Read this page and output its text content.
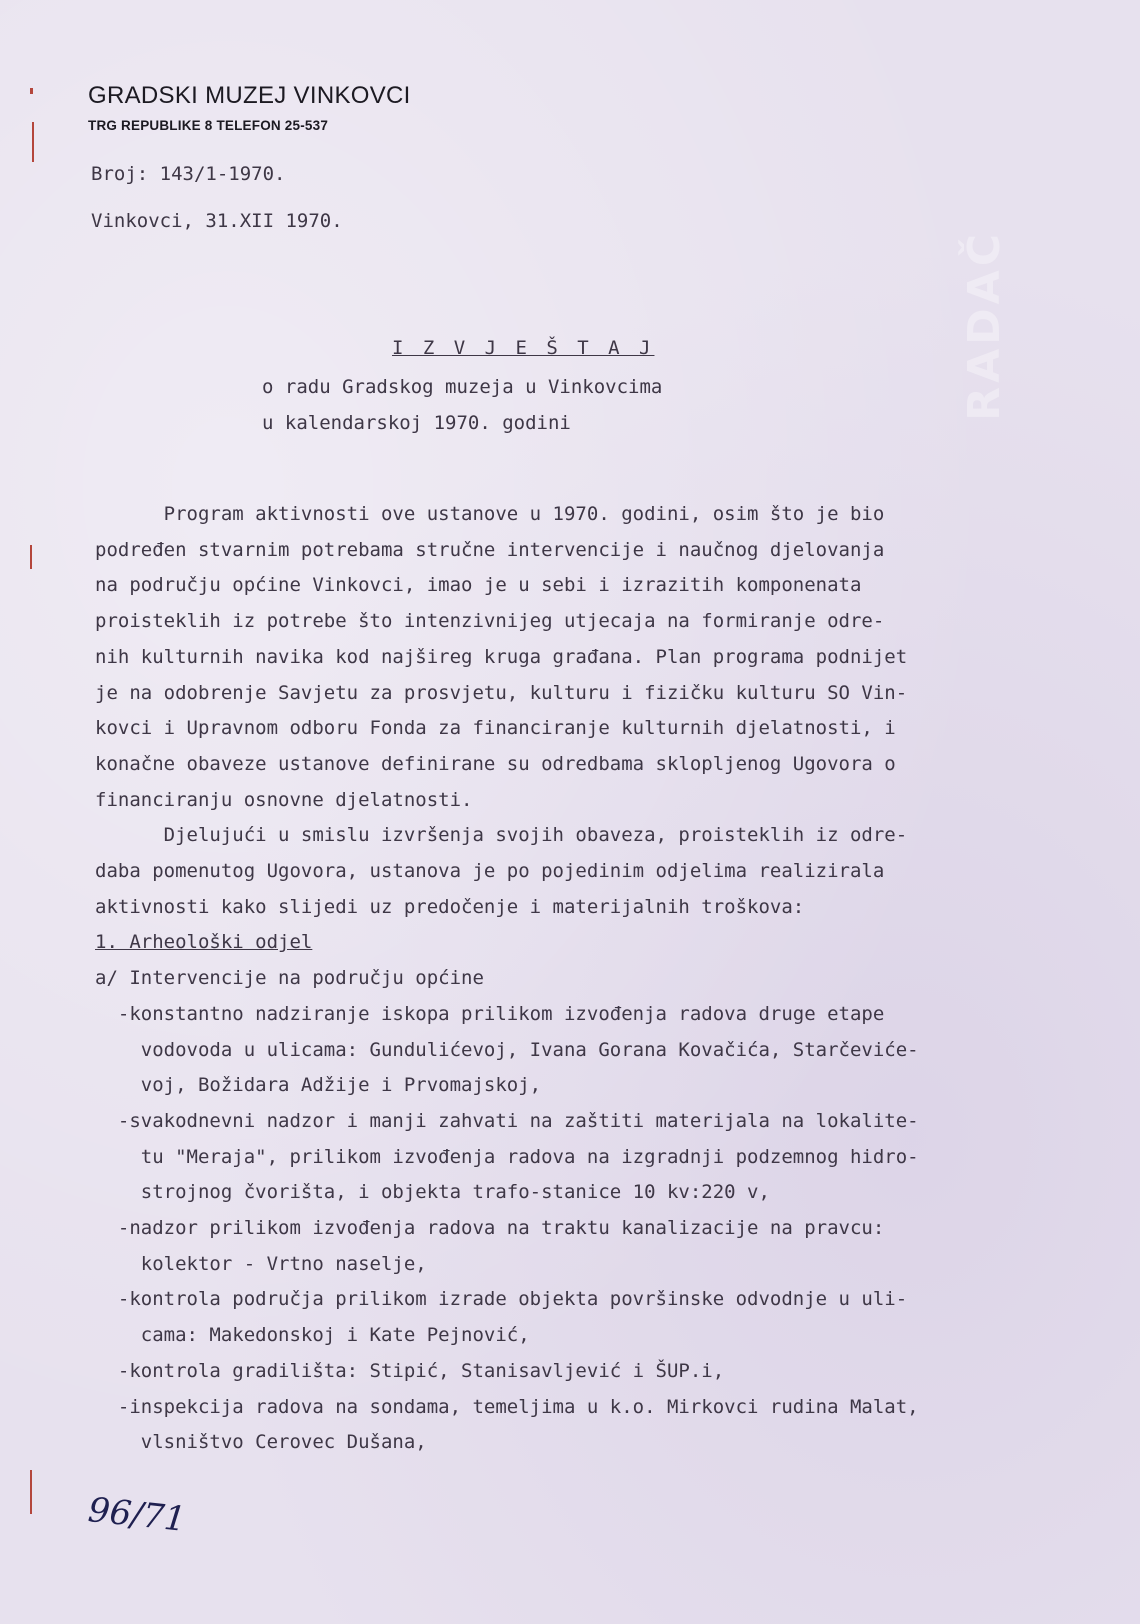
RADAČ
GRADSKI MUZEJ VINKOVCI
TRG REPUBLIKE 8 TELEFON 25-537
Broj: 143/1-1970.
Vinkovci, 31.XII 1970.
I Z V J E Š T A J
o radu Gradskog muzeja u Vinkovcima
u kalendarskoj 1970. godini
Program aktivnosti ove ustanove u 1970. godini, osim što je bio
podređen stvarnim potrebama stručne intervencije i naučnog djelovanja
na području općine Vinkovci, imao je u sebi i izrazitih komponenata
proisteklih iz potrebe što intenzivnijeg utjecaja na formiranje odre-
nih kulturnih navika kod najšireg kruga građana. Plan programa podnijet
je na odobrenje Savjetu za prosvjetu, kulturu i fizičku kulturu SO Vin-
kovci i Upravnom odboru Fonda za financiranje kulturnih djelatnosti, i
konačne obaveze ustanove definirane su odredbama sklopljenog Ugovora o
financiranju osnovne djelatnosti.
Djelujući u smislu izvršenja svojih obaveza, proisteklih iz odre-
daba pomenutog Ugovora, ustanova je po pojedinim odjelima realizirala
aktivnosti kako slijedi uz predočenje i materijalnih troškova:
1. Arheološki odjel
a/ Intervencije na području općine
-konstantno nadziranje iskopa prilikom izvođenja radova druge etape
vodovoda u ulicama: Gundulićevoj, Ivana Gorana Kovačića, Starčeviće-
voj, Božidara Adžije i Prvomajskoj,
-svakodnevni nadzor i manji zahvati na zaštiti materijala na lokalite-
tu "Meraja", prilikom izvođenja radova na izgradnji podzemnog hidro-
strojnog čvorišta, i objekta trafo-stanice 10 kv:220 v,
-nadzor prilikom izvođenja radova na traktu kanalizacije na pravcu:
kolektor - Vrtno naselje,
-kontrola područja prilikom izrade objekta površinske odvodnje u uli-
cama: Makedonskoj i Kate Pejnović,
-kontrola gradilišta: Stipić, Stanisavljević i ŠUP.i,
-inspekcija radova na sondama, temeljima u k.o. Mirkovci rudina Malat,
vlsništvo Cerovec Dušana,
96/71
